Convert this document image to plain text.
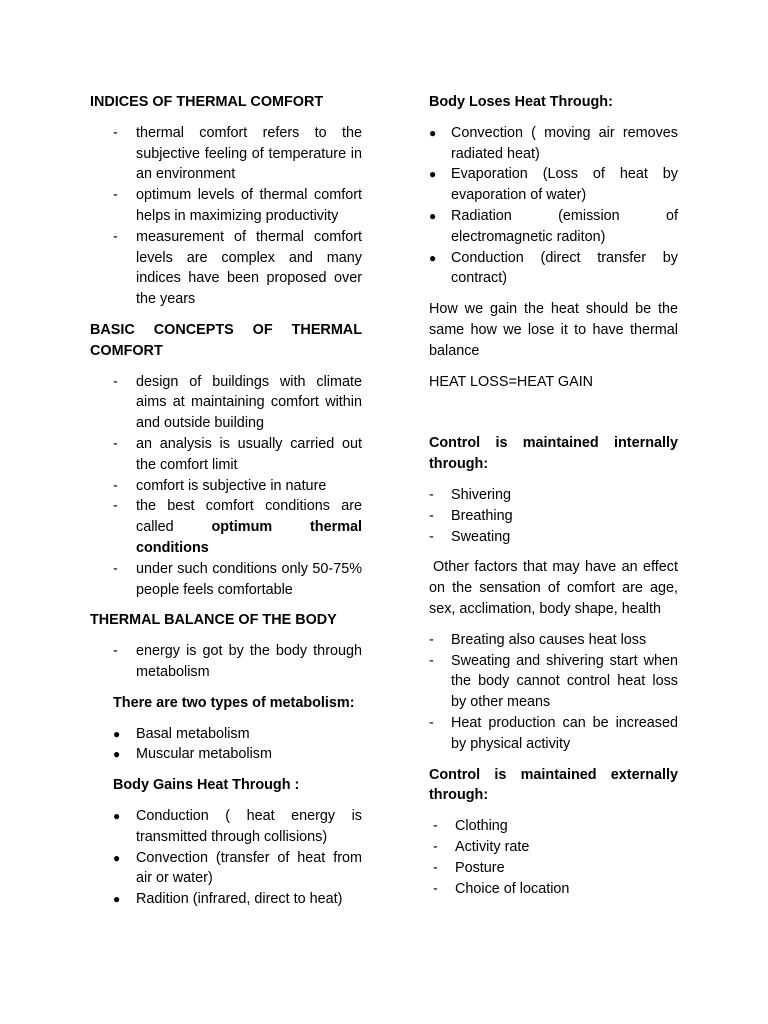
INDICES OF THERMAL COMFORT
- thermal comfort refers to the subjective feeling of temperature in an environment
- optimum levels of thermal comfort helps in maximizing productivity
- measurement of thermal comfort levels are complex and many indices have been proposed over the years
BASIC CONCEPTS OF THERMAL COMFORT
- design of buildings with climate aims at maintaining comfort within and outside building
- an analysis is usually carried out the comfort limit
- comfort is subjective in nature
- the best comfort conditions are called	optimum thermal conditions
- under such conditions only 50-75% people feels comfortable
THERMAL BALANCE OF THE BODY
- energy is got by the body through metabolism
There are two types of metabolism:
● Basal metabolism
● Muscular metabolism
Body Gains Heat Through :
● Conduction ( heat energy is transmitted through collisions)
● Convection (transfer of heat from air or water)
● Radition (infrared, direct to heat)
Body Loses Heat Through:
● Convection ( moving air removes radiated heat)
● Evaporation (Loss of heat by evaporation of water)
● Radiation (emission of electromagnetic raditon)
● Conduction (direct transfer by contract)
How we gain the heat should be the same how we lose it to have thermal balance
HEAT LOSS=HEAT GAIN
Control is maintained internally through:
- Shivering
- Breathing
- Sweating
Other factors that may have an effect on the sensation of comfort are age, sex, acclimation, body shape, health
- Breating also causes heat loss
- Sweating and shivering start when the body cannot control heat loss by other means
- Heat production can be increased by physical activity
Control is maintained externally through:
- Clothing
- Activity rate
- Posture
- Choice of location
